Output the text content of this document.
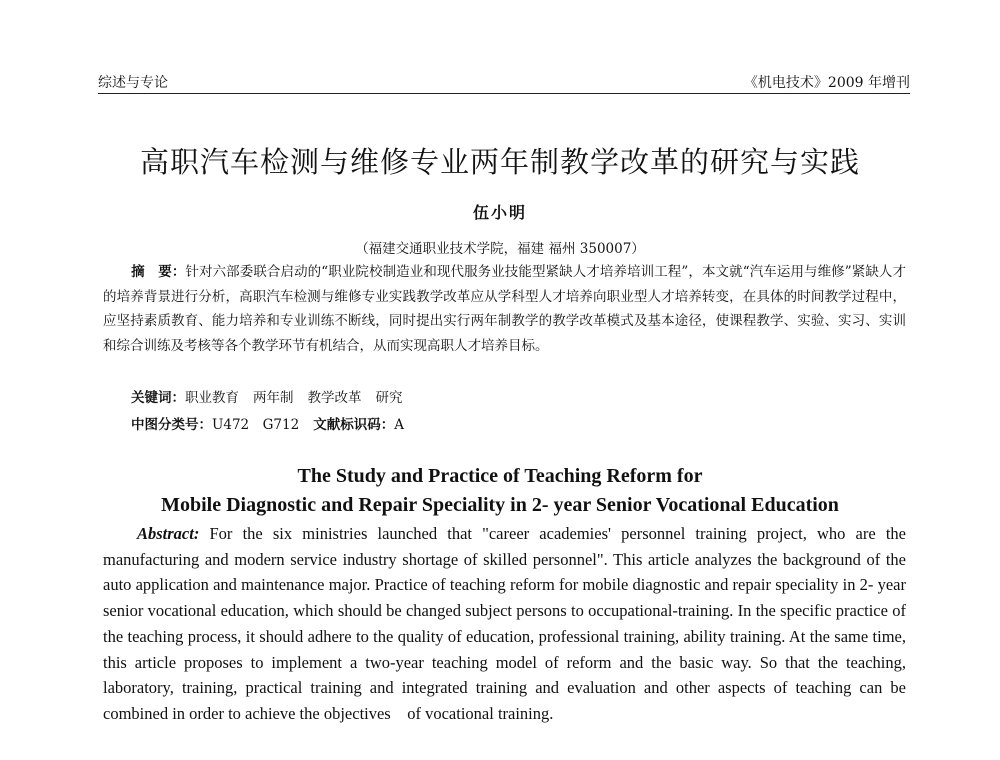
综述与专论	《机电技术》2009 年增刊
高职汽车检测与维修专业两年制教学改革的研究与实践
伍小明
（福建交通职业技术学院，福建 福州 350007）
摘　要：针对六部委联合启动的“职业院校制造业和现代服务业技能型紧缺人才培养培训工程”，本文就“汽车运用与维修”紧缺人才的培养背景进行分析，高职汽车检测与维修专业实践教学改革应从学科型人才培养向职业型人才培养转变，在具体的时间教学过程中，应坚持素质教育、能力培养和专业训练不断线，同时提出实行两年制教学的教学改革模式及基本途径，使课程教学、实验、实习、实训和综合训练及考核等各个教学环节有机结合，从而实现高职人才培养目标。
关键词：职业教育 两年制 教学改革 研究
中图分类号：U472　G712 文献标识码：A
The Study and Practice of Teaching Reform for
Mobile Diagnostic and Repair Speciality in 2- year Senior Vocational Education
Abstract: For the six ministries launched that "career academies' personnel training project, who are the manufacturing and modern service industry shortage of skilled personnel". This article analyzes the background of the auto application and maintenance major. Practice of teaching reform for mobile diagnostic and repair speciality in 2- year senior vocational education, which should be changed subject persons to occupational-training. In the specific practice of the teaching process, it should adhere to the quality of education, professional training, ability training. At the same time, this article proposes to implement a two-year teaching model of reform and the basic way. So that the teaching, laboratory, training, practical training and integrated training and evaluation and other aspects of teaching can be combined in order to achieve the objectives　of vocational training.
